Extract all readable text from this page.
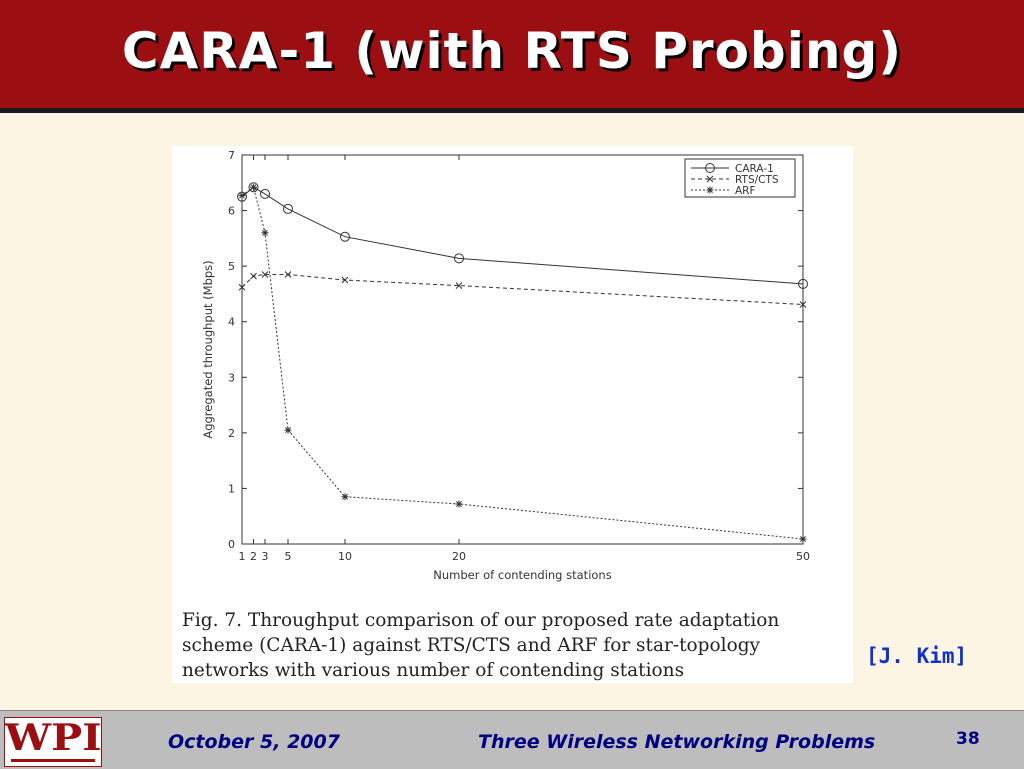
CARA-1 (with RTS Probing)
0
1
2
3
4
5
6
7
1 2 3 5	10	20	50
Number of contending stations
Aggregated throughput (Mbps)
CARA-1
RTS/CTS
ARF
Fig. 7. Throughput comparison of our proposed rate adaptation scheme (CARA-1) against RTS/CTS and ARF for star-topology networks with various number of contending stations
[J. Kim]
WPI	October 5, 2007	Three Wireless Networking Problems	38
